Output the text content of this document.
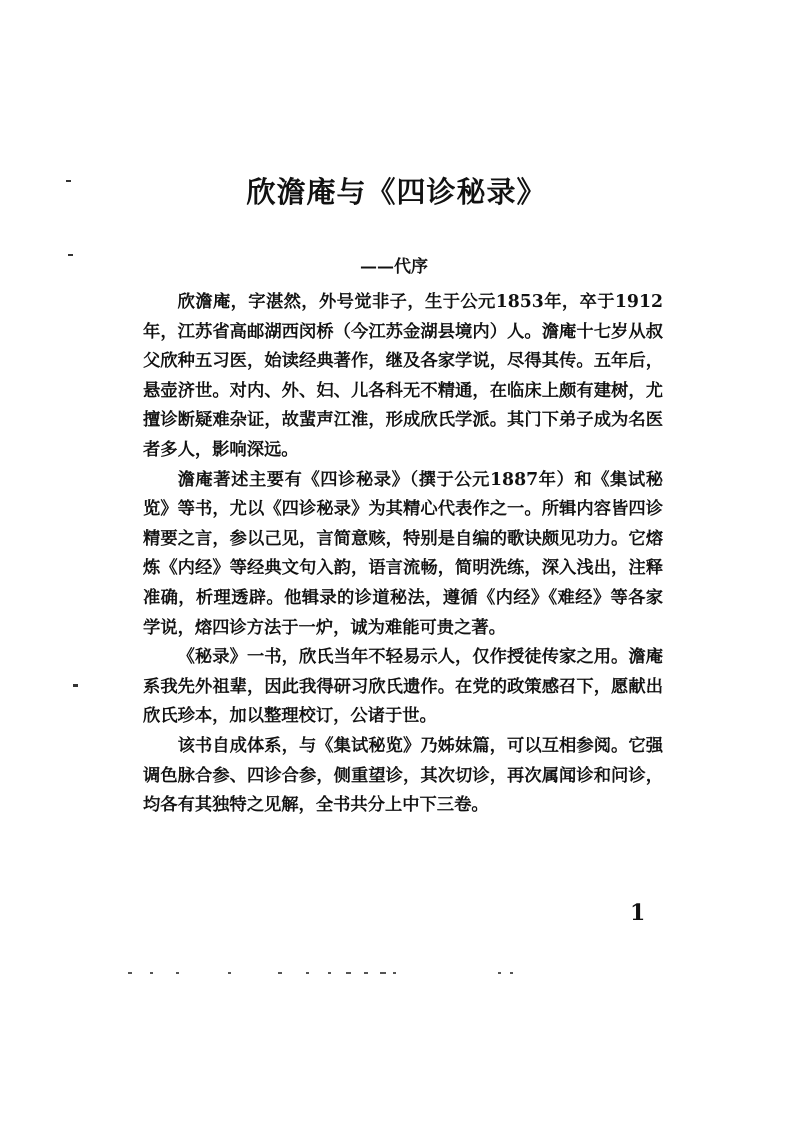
欣澹庵与《四诊秘录》

——代序

欣澹庵，字湛然，外号觉非子，生于公元1853年，卒于1912年，江苏省高邮湖西闵桥（今江苏金湖县境内）人。澹庵十七岁从叔父欣种五习医，始读经典著作，继及各家学说，尽得其传。五年后，悬壶济世。对内、外、妇、儿各科无不精通，在临床上颇有建树，尤擅诊断疑难杂证，故蜚声江淮，形成欣氏学派。其门下弟子成为名医者多人，影响深远。

澹庵著述主要有《四诊秘录》（撰于公元1887年）和《集试秘览》等书，尤以《四诊秘录》为其精心代表作之一。所辑内容皆四诊精要之言，参以己见，言简意赅，特别是自编的歌诀颇见功力。它熔炼《内经》等经典文句入韵，语言流畅，简明洗练，深入浅出，注释准确，析理透辟。他辑录的诊道秘法，遵循《内经》《难经》等各家学说，熔四诊方法于一炉，诚为难能可贵之著。

《秘录》一书，欣氏当年不轻易示人，仅作授徒传家之用。澹庵系我先外祖辈，因此我得研习欣氏遗作。在党的政策感召下，愿献出欣氏珍本，加以整理校订，公诸于世。

该书自成体系，与《集试秘览》乃姊妹篇，可以互相参阅。它强调色脉合参、四诊合参，侧重望诊，其次切诊，再次属闻诊和问诊，均各有其独特之见解，全书共分上中下三卷。

1
